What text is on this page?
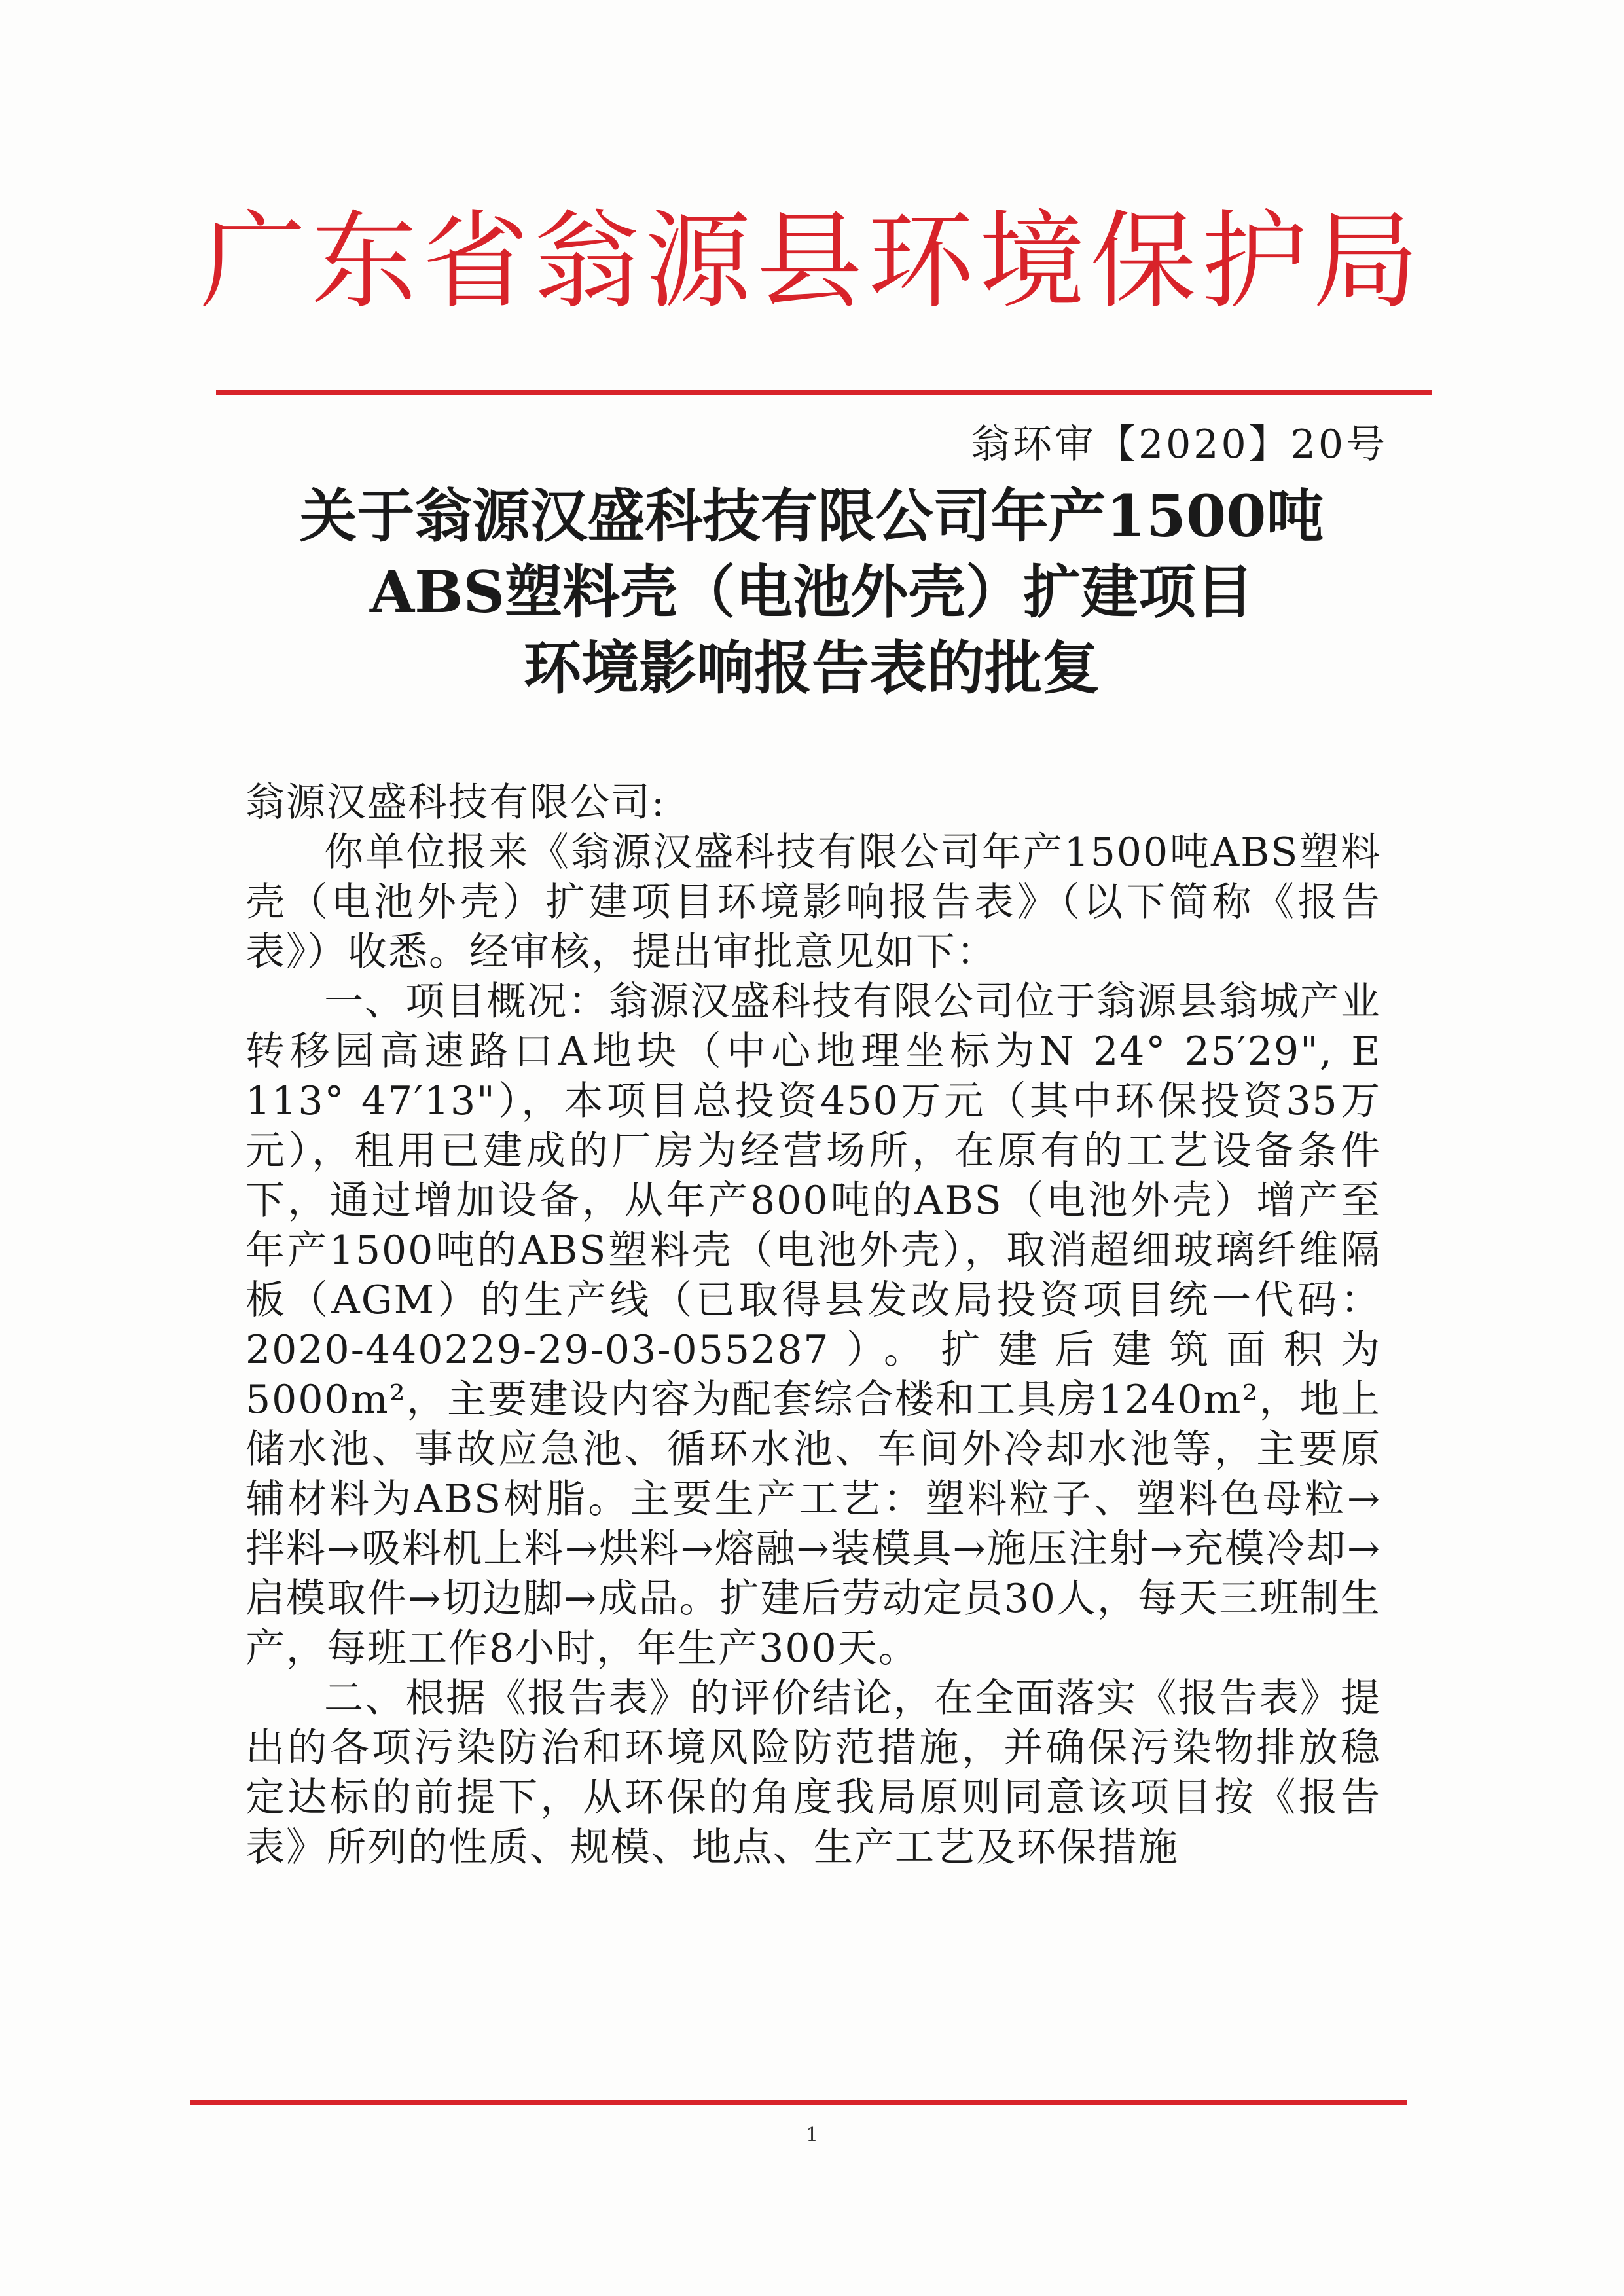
广东省翁源县环境保护局
翁环审【2020】20号
关于翁源汉盛科技有限公司年产1500吨
ABS塑料壳（电池外壳）扩建项目
环境影响报告表的批复

翁源汉盛科技有限公司:

你单位报来《翁源汉盛科技有限公司年产1500吨ABS塑料壳（电池外壳）扩建项目环境影响报告表》（以下简称《报告表》）收悉。经审核，提出审批意见如下：

一、项目概况：翁源汉盛科技有限公司位于翁源县翁城产业转移园高速路口A地块（中心地理坐标为N 24° 25′29", E 113° 47′13"），本项目总投资450万元（其中环保投资35万元），租用已建成的厂房为经营场所，在原有的工艺设备条件下，通过增加设备，从年产800吨的ABS（电池外壳）增产至年产1500吨的ABS塑料壳（电池外壳），取消超细玻璃纤维隔板（AGM）的生产线（已取得县发改局投资项目统一代码：2020-440229-29-03-055287）。扩建后建筑面积为5000m²，主要建设内容为配套综合楼和工具房1240m²，地上储水池、事故应急池、循环水池、车间外冷却水池等，主要原辅材料为ABS树脂。主要生产工艺：塑料粒子、塑料色母粒→拌料→吸料机上料→烘料→熔融→装模具→施压注射→充模冷却→启模取件→切边脚→成品。扩建后劳动定员30人，每天三班制生产，每班工作8小时，年生产300天。

二、根据《报告表》的评价结论，在全面落实《报告表》提出的各项污染防治和环境风险防范措施，并确保污染物排放稳定达标的前提下，从环保的角度我局原则同意该项目按《报告表》所列的性质、规模、地点、生产工艺及环保措施

1
